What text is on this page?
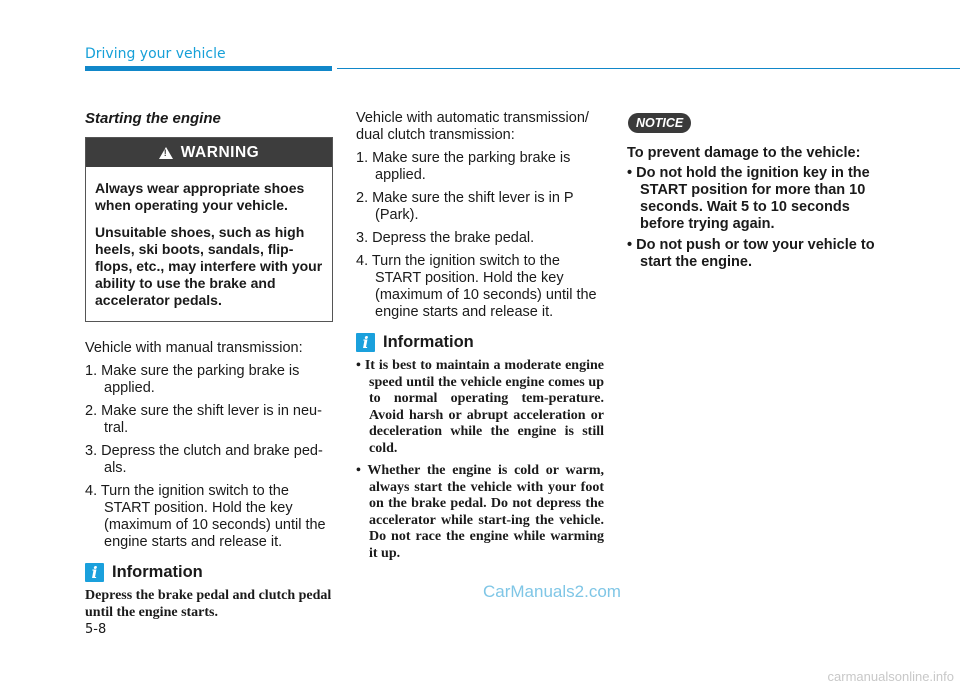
Driving your vehicle
Starting the engine
!
WARNING

Always wear appropriate shoes when operating your vehicle.

Unsuitable shoes, such as high heels, ski boots, sandals, flip-flops, etc., may interfere with your ability to use the brake and accelerator pedals.

Vehicle with manual transmission:

1. Make sure the parking brake is applied.
2. Make sure the shift lever is in neu-tral.
3. Depress the clutch and brake ped-als.
4. Turn the ignition switch to the START position. Hold the key (maximum of 10 seconds) until the engine starts and release it.
i Information

Depress the brake pedal and clutch pedal until the engine starts.

Vehicle with automatic transmission/ dual clutch transmission:

1. Make sure the parking brake is applied.
2. Make sure the shift lever is in P (Park).
3. Depress the brake pedal.
4. Turn the ignition switch to the START position. Hold the key (maximum of 10 seconds) until the engine starts and release it.
i Information
• It is best to maintain a moderate engine speed until the vehicle engine comes up to normal operating tem-perature. Avoid harsh or abrupt acceleration or deceleration while the engine is still cold.
• Whether the engine is cold or warm, always start the vehicle with your foot on the brake pedal. Do not depress the accelerator while start-ing the vehicle. Do not race the engine while warming it up.
NOTICE

To prevent damage to the vehicle:

• Do not hold the ignition key in the START position for more than 10 seconds. Wait 5 to 10 seconds before trying again.
• Do not push or tow your vehicle to start the engine.
5-8
CarManuals2.com
carmanualsonline.info
